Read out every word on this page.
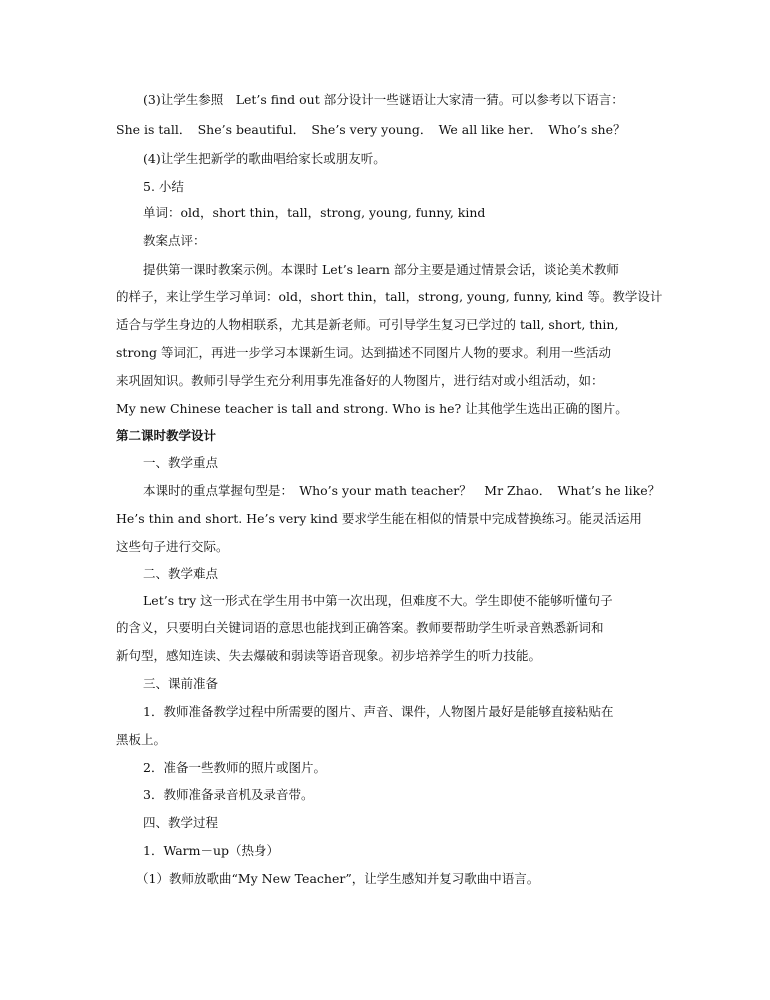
(3)让学生参照　Let’s find out 部分设计一些谜语让大家清一猜。可以参考以下语言：

She is tall．　She’s beautiful．　She’s very young．　We all like her．　Who’s she？

(4)让学生把新学的歌曲唱给家长或朋友听。

5. 小结

单词：old，short thin，tall，strong, young, funny, kind

教案点评：

提供第一课时教案示例。本课时 Let’s learn 部分主要是通过情景会话，谈论美术教师

的样子，来让学生学习单词：old，short thin，tall，strong, young, funny, kind 等。教学设计

适合与学生身边的人物相联系，尤其是新老师。可引导学生复习已学过的 tall, short, thin,

strong 等词汇，再进一步学习本课新生词。达到描述不同图片人物的要求。利用一些活动

来巩固知识。教师引导学生充分利用事先准备好的人物图片，进行结对或小组活动，如：

My new Chinese teacher is tall and strong. Who is he? 让其他学生选出正确的图片。

第二课时教学设计

一、教学重点

本课时的重点掌握句型是：　Who’s your math teacher？　Mr Zhao．　What’s he like？

He’s thin and short. He’s very kind 要求学生能在相似的情景中完成替换练习。能灵活运用

这些句子进行交际。

二、教学难点

Let’s try 这一形式在学生用书中第一次出现，但难度不大。学生即使不能够听懂句子

的含义，只要明白关键词语的意思也能找到正确答案。教师要帮助学生听录音熟悉新词和

新句型，感知连读、失去爆破和弱读等语音现象。初步培养学生的听力技能。

三、课前准备

1．教师准备教学过程中所需要的图片、声音、课件，人物图片最好是能够直接粘贴在

黑板上。

2．准备一些教师的照片或图片。

3．教师准备录音机及录音带。

四、教学过程

1．Warm－up（热身）

（1）教师放歌曲“My New Teacher”，让学生感知并复习歌曲中语言。
